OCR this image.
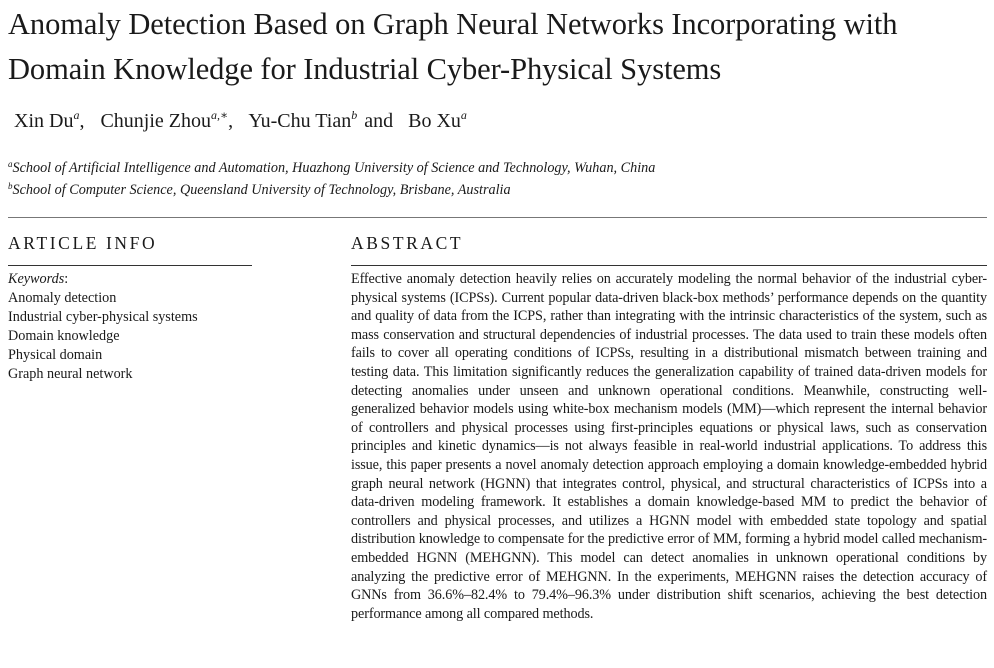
Anomaly Detection Based on Graph Neural Networks Incorporating with Domain Knowledge for Industrial Cyber-Physical Systems
Xin Du$^a$, Chunjie Zhou$^{a,∗}$, Yu-Chu Tian$^b$ and Bo Xu$^a$
$^a$School of Artificial Intelligence and Automation, Huazhong University of Science and Technology, Wuhan, China
$^b$School of Computer Science, Queensland University of Technology, Brisbane, Australia
ARTICLE INFO	ABSTRACT
Keywords:
Anomaly detection
Industrial cyber-physical systems
Domain knowledge
Physical domain
Graph neural network

Effective anomaly detection heavily relies on accurately modeling the normal behavior of the industrial cyber-physical systems (ICPSs). Current popular data-driven black-box methods’ performance depends on the quantity and quality of data from the ICPS, rather than integrating with the intrinsic characteristics of the system, such as mass conservation and structural dependencies of industrial processes. The data used to train these models often fails to cover all operating conditions of ICPSs, resulting in a distributional mismatch between training and testing data. This limitation significantly reduces the generalization capability of trained data-driven models for detecting anomalies under unseen and unknown operational conditions. Meanwhile, constructing well-generalized behavior models using white-box mechanism models (MM)—which represent the internal behavior of controllers and physical processes using first-principles equations or physical laws, such as conservation principles and kinetic dynamics—is not always feasible in real-world industrial applications. To address this issue, this paper presents a novel anomaly detection approach employing a domain knowledge-embedded hybrid graph neural network (HGNN) that integrates control, physical, and structural characteristics of ICPSs into a data-driven modeling framework. It establishes a domain knowledge-based MM to predict the behavior of controllers and physical processes, and utilizes a HGNN model with embedded state topology and spatial distribution knowledge to compensate for the predictive error of MM, forming a hybrid model called mechanism-embedded HGNN (MEHGNN). This model can detect anomalies in unknown operational conditions by analyzing the predictive error of MEHGNN. In the experiments, MEHGNN raises the detection accuracy of GNNs from 36.6%–82.4% to 79.4%–96.3% under distribution shift scenarios, achieving the best detection performance among all compared methods.
